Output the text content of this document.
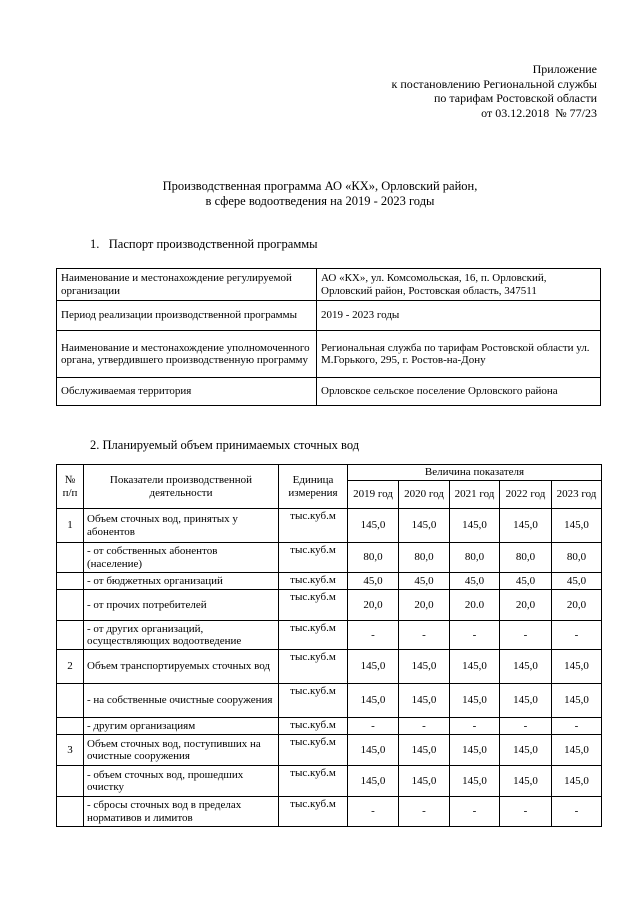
Приложение
к постановлению Региональной службы
по тарифам Ростовской области
от 03.12.2018  № 77/23
Производственная программа АО «КХ», Орловский район,
в сфере водоотведения на 2019 - 2023 годы
1.   Паспорт производственной программы
Наименование и местонахождение регулируемой организации	АО «КХ», ул. Комсомольская, 16, п. Орловский, Орловский район, Ростовская область, 347511
Период реализации производственной программы	2019 - 2023 годы
Наименование и местонахождение уполномоченного органа, утвердившего производственную программу	Региональная служба по тарифам Ростовской области ул. М.Горького, 295, г. Ростов-на-Дону
Обслуживаемая территория	Орловское сельское поселение Орловского района
2. Планируемый объем принимаемых сточных вод
№ п/п	Показатели производственной деятельности	Единица измерения	Величина показателя				
			2019 год	2020 год	2021 год	2022 год	2023 год
1	Объем сточных вод, принятых у абонентов	тыс.куб.м	145,0	145,0	145,0	145,0	145,0
	- от собственных абонентов (население)	тыс.куб.м	80,0	80,0	80,0	80,0	80,0
	- от бюджетных организаций	тыс.куб.м	45,0	45,0	45,0	45,0	45,0
	- от прочих потребителей	тыс.куб.м	20,0	20,0	20.0	20,0	20,0
	- от других организаций, осуществляющих водоотведение	тыс.куб.м	-	-	-	-	-
2	Объем транспортируемых сточных вод	тыс.куб.м	145,0	145,0	145,0	145,0	145,0
	- на собственные очистные сооружения	тыс.куб.м	145,0	145,0	145,0	145,0	145,0
	- другим организациям	тыс.куб.м	-	-	-	-	-
3	Объем сточных вод, поступивших на очистные сооружения	тыс.куб.м	145,0	145,0	145,0	145,0	145,0
	- объем сточных вод, прошедших очистку	тыс.куб.м	145,0	145,0	145,0	145,0	145,0
	- сбросы сточных вод в пределах нормативов и лимитов	тыс.куб.м	-	-	-	-	-
